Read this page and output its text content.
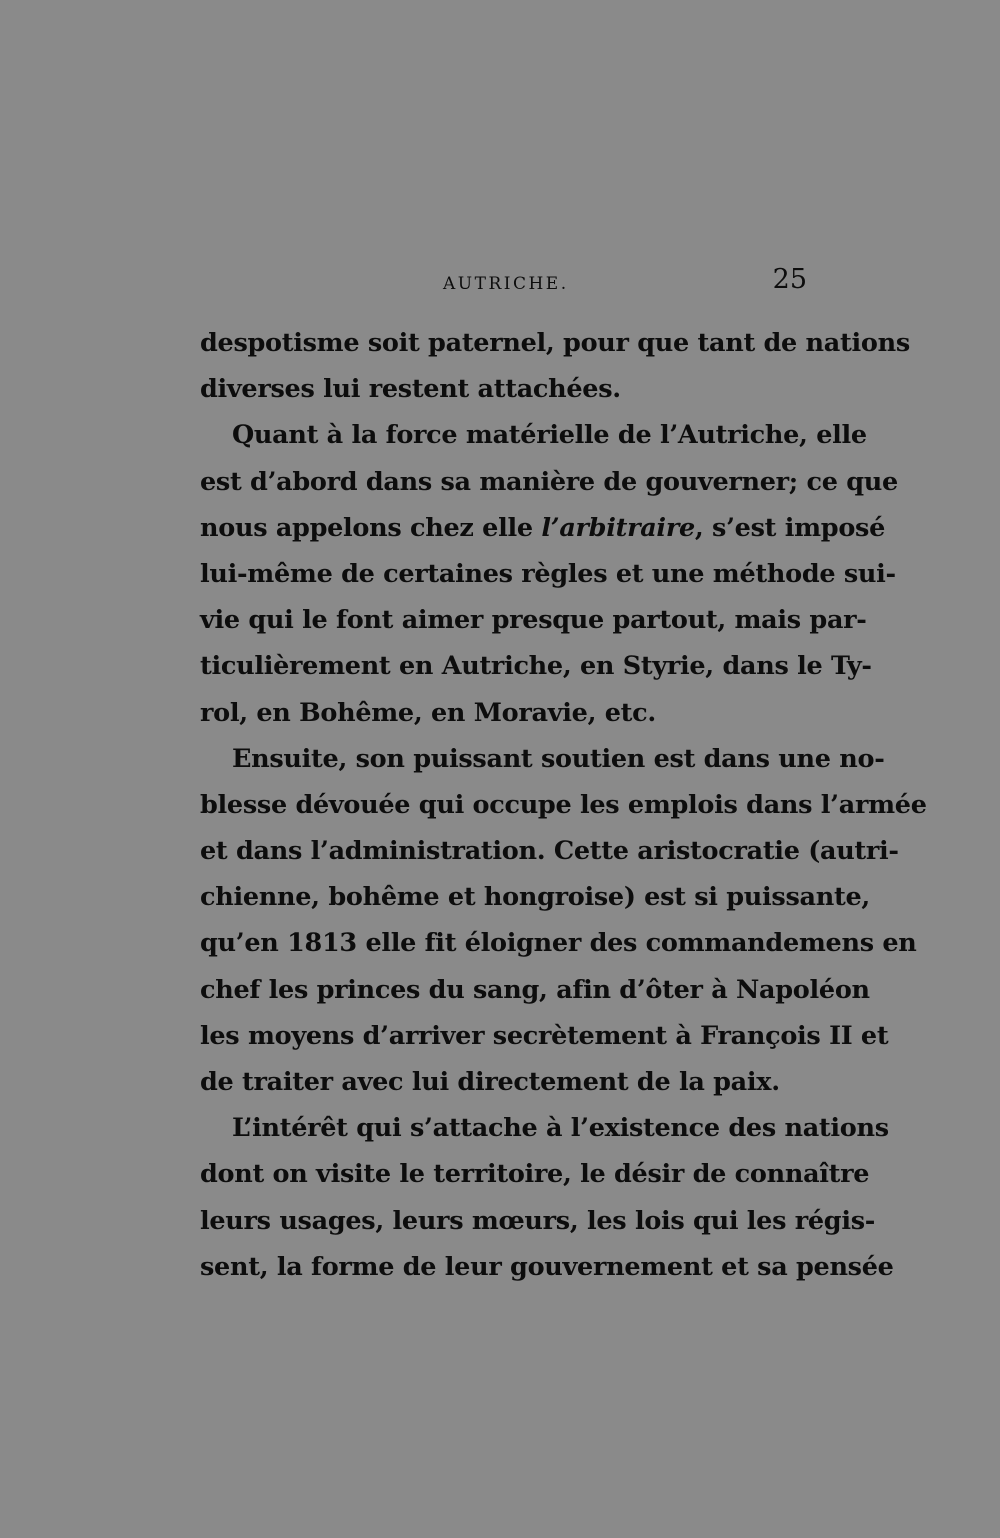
AUTRICHE.	25
despotisme soit paternel, pour que tant de nations
diverses lui restent attachées.
Quant à la force matérielle de l’Autriche, elle
est d’abord dans sa manière de gouverner; ce que
nous appelons chez elle l’arbitraire, s’est imposé
lui-même de certaines règles et une méthode sui-
vie qui le font aimer presque partout, mais par-
ticulièrement en Autriche, en Styrie, dans le Ty-
rol, en Bohême, en Moravie, etc.
Ensuite, son puissant soutien est dans une no-
blesse dévouée qui occupe les emplois dans l’armée
et dans l’administration. Cette aristocratie (autri-
chienne, bohême et hongroise) est si puissante,
qu’en 1813 elle fit éloigner des commandemens en
chef les princes du sang, afin d’ôter à Napoléon
les moyens d’arriver secrètement à François II et
de traiter avec lui directement de la paix.
L’intérêt qui s’attache à l’existence des nations
dont on visite le territoire, le désir de connaître
leurs usages, leurs mœurs, les lois qui les régis-
sent, la forme de leur gouvernement et sa pensée
